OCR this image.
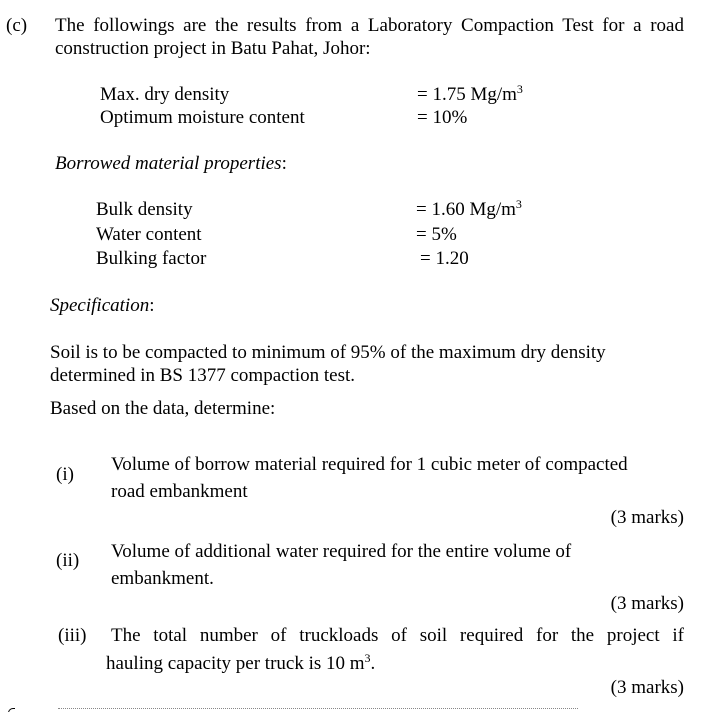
(c) The followings are the results from a Laboratory Compaction Test for a road
construction project in Batu Pahat, Johor:
Max. dry density	= 1.75 $Mg/m^3$
Optimum moisture content	= 10%
Borrowed material properties:
Bulk density	= 1.60 $Mg/m^3$
Water content	= 5%
Bulking factor	= 1.20
Specification:
Soil is to be compacted to minimum of 95% of the maximum dry density
determined in BS 1377 compaction test.
Based on the data, determine:
(i) Volume of borrow material required for 1 cubic meter of compacted
road embankment
(3 marks)
(ii) Volume of additional water required for the entire volume of
embankment.
(3 marks)
(iii) The total number of truckloads of soil required for the project if
hauling capacity per truck is 10 $m^3$.
(3 marks)
